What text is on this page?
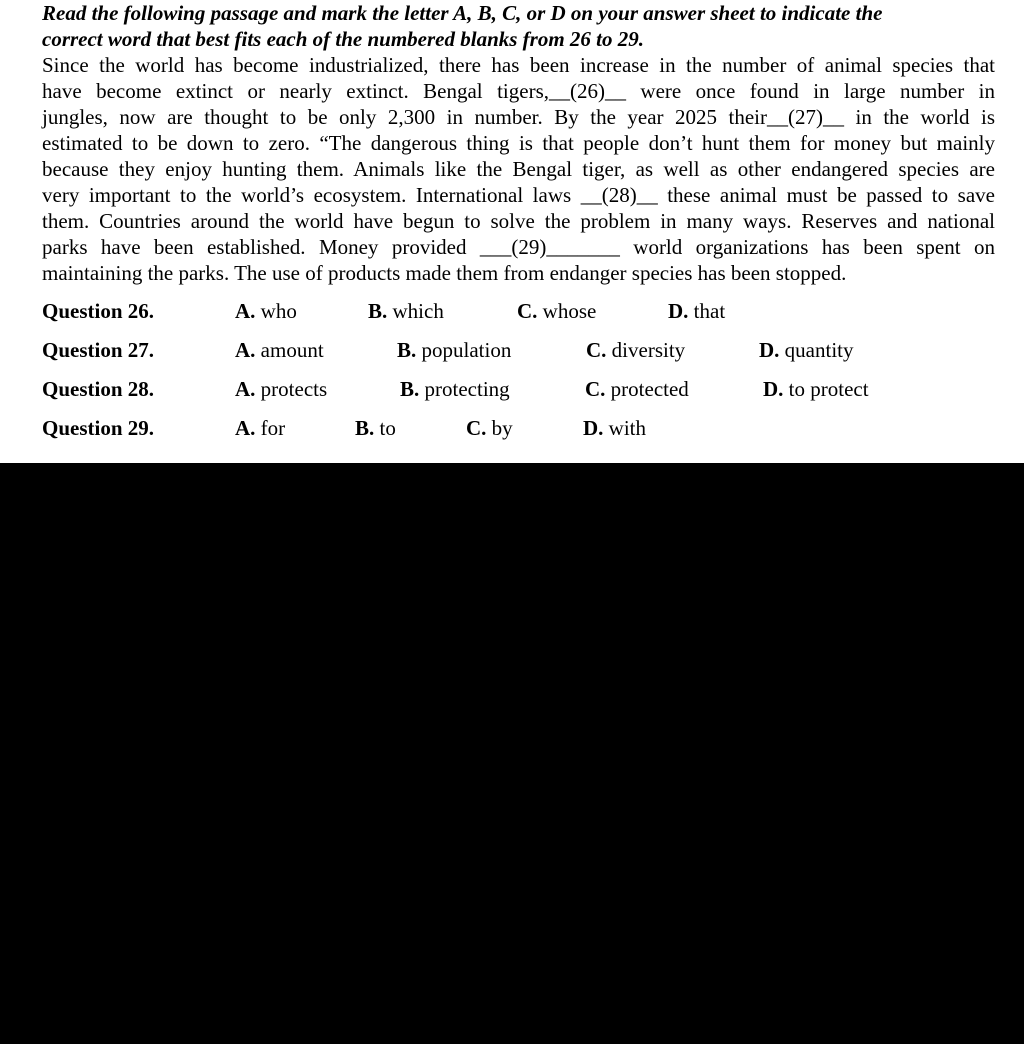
Read the following passage and mark the letter A, B, C, or D on your answer sheet to indicate the
correct word that best fits each of the numbered blanks from 26 to 29.
Since the world has become industrialized, there has been increase in the number of animal species that
have become extinct or nearly extinct. Bengal tigers,__(26)__ were once found in large number in
jungles, now are thought to be only 2,300 in number. By the year 2025 their__(27)__ in the world is
estimated to be down to zero. “The dangerous thing is that people don’t hunt them for money but mainly
because they enjoy hunting them. Animals like the Bengal tiger, as well as other endangered species are
very important to the world’s ecosystem. International laws __(28)__ these animal must be passed to save
them. Countries around the world have begun to solve the problem in many ways. Reserves and national
parks have been established. Money provided ___(29)_______ world organizations has been spent on
maintaining the parks. The use of products made them from endanger species has been stopped.
Question 26.	A. who	B. which	C. whose	D. that
Question 27.	A. amount	B. population	C. diversity	D. quantity
Question 28.	A. protects	B. protecting	C. protected	D. to protect
Question 29.	A. for	B. to	C. by	D. with
